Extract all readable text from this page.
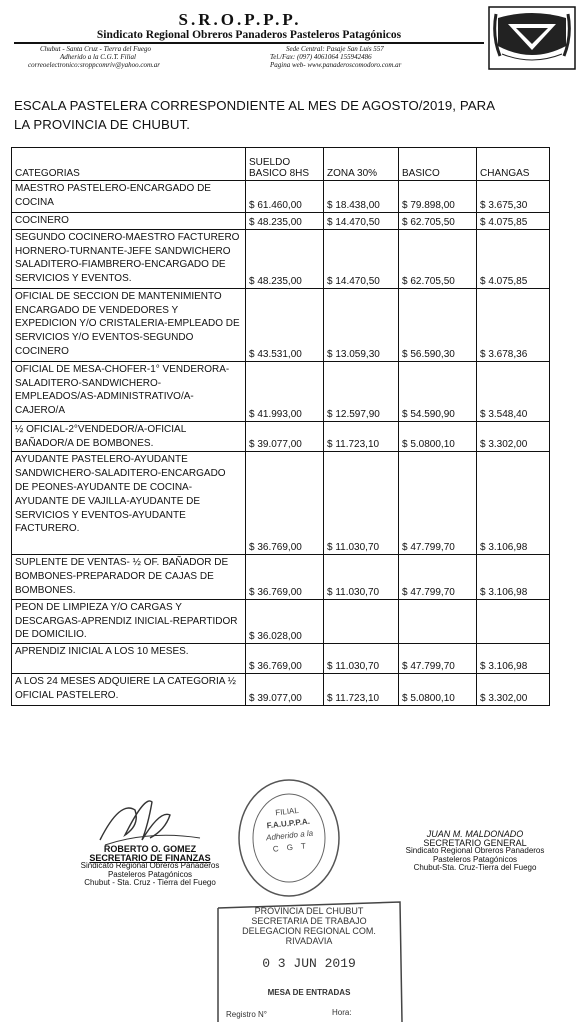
S.R.O.P.P.P.
Sindicato Regional Obreros Panaderos Pasteleros Patagónicos
Chubut - Santa Cruz - Tierra del Fuego
Adherido a la C.G.T. Filial
correoelectronico:sroppcomriv@yahoo.com.ar
Sede Central: Pasaje San Luis 557
Tel./Fax: (097) 4061064 155942486
Pagina web- www.panaderoscomodoro.com.ar
ESCALA PASTELERA CORRESPONDIENTE AL MES DE AGOSTO/2019, PARA
LA PROVINCIA DE CHUBUT.
CATEGORIAS	SUELDO BASICO 8HS	ZONA 30%	BASICO	CHANGAS
MAESTRO PASTELERO-ENCARGADO DE COCINA	$ 61.460,00	$ 18.438,00	$ 79.898,00	$ 3.675,30
COCINERO	$ 48.235,00	$ 14.470,50	$ 62.705,50	$ 4.075,85
SEGUNDO COCINERO-MAESTRO FACTURERO HORNERO-TURNANTE-JEFE SANDWICHERO SALADITERO-FIAMBRERO-ENCARGADO DE SERVICIOS Y EVENTOS.	$ 48.235,00	$ 14.470,50	$ 62.705,50	$ 4.075,85
OFICIAL DE SECCION DE MANTENIMIENTO ENCARGADO DE VENDEDORES Y EXPEDICION Y/O CRISTALERIA-EMPLEADO DE SERVICIOS Y/O EVENTOS-SEGUNDO COCINERO	$ 43.531,00	$ 13.059,30	$ 56.590,30	$ 3.678,36
OFICIAL DE MESA-CHOFER-1° VENDERORA-SALADITERO-SANDWICHERO-EMPLEADOS/AS-ADMINISTRATIVO/A-CAJERO/A	$ 41.993,00	$ 12.597,90	$ 54.590,90	$ 3.548,40
½ OFICIAL-2°VENDEDOR/A-OFICIAL BAÑADOR/A DE BOMBONES.	$ 39.077,00	$ 11.723,10	$ 5.0800,10	$ 3.302,00
AYUDANTE PASTELERO-AYUDANTE SANDWICHERO-SALADITERO-ENCARGADO DE PEONES-AYUDANTE DE COCINA-AYUDANTE DE VAJILLA-AYUDANTE DE SERVICIOS Y EVENTOS-AYUDANTE FACTURERO.	$ 36.769,00	$ 11.030,70	$ 47.799,70	$ 3.106,98
SUPLENTE DE VENTAS- ½ OF. BAÑADOR DE BOMBONES-PREPARADOR DE CAJAS DE BOMBONES.	$ 36.769,00	$ 11.030,70	$ 47.799,70	$ 3.106,98
PEON DE LIMPIEZA Y/O CARGAS Y DESCARGAS-APRENDIZ INICIAL-REPARTIDOR DE DOMICILIO.	$ 36.028,00			
APRENDIZ INICIAL A LOS 10 MESES.	$ 36.769,00	$ 11.030,70	$ 47.799,70	$ 3.106,98
A LOS 24 MESES ADQUIERE LA CATEGORIA ½ OFICIAL PASTELERO.	$ 39.077,00	$ 11.723,10	$ 5.0800,10	$ 3.302,00
ROBERTO O. GOMEZ
SECRETARIO DE FINANZAS
Sindicato Regional Obreros Panaderos
Pasteleros Patagónicos
Chubut - Sta. Cruz - Tierra del Fuego
FILIAL
F.A.U.P.P.A.
Adherido a la
C G T
JUAN M. MALDONADO
SECRETARIO GENERAL
Sindicato Regional Obreros Panaderos
Pasteleros Patagónicos
Chubut-Sta. Cruz-Tierra del Fuego
PROVINCIA DEL CHUBUT
SECRETARIA DE TRABAJO
DELEGACION REGIONAL COM. RIVADAVIA
0 3 JUN 2019
MESA DE ENTRADAS
Registro N°	Hora:
